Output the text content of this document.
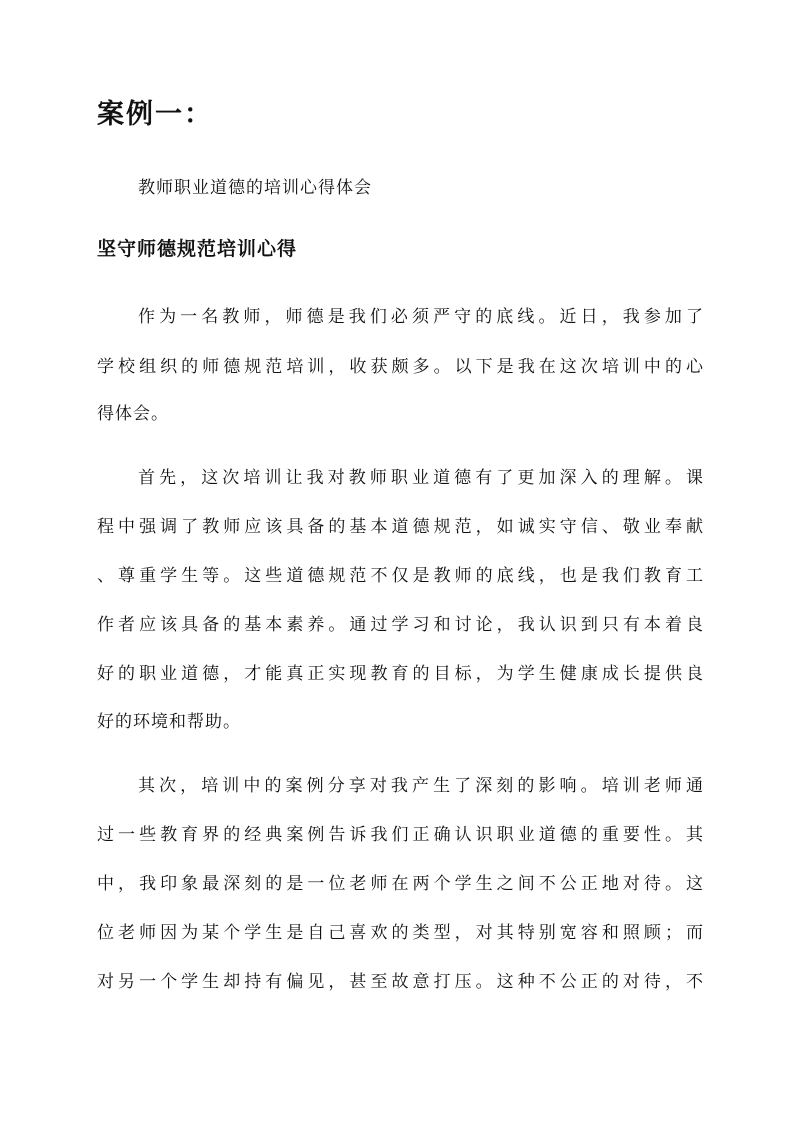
案例一：
教师职业道德的培训心得体会
坚守师德规范培训心得
作为一名教师，师德是我们必须严守的底线。近日，我参加了
学校组织的师德规范培训，收获颇多。以下是我在这次培训中的心
得体会。
首先，这次培训让我对教师职业道德有了更加深入的理解。课
程中强调了教师应该具备的基本道德规范，如诚实守信、敬业奉献
、尊重学生等。这些道德规范不仅是教师的底线，也是我们教育工
作者应该具备的基本素养。通过学习和讨论，我认识到只有本着良
好的职业道德，才能真正实现教育的目标，为学生健康成长提供良
好的环境和帮助。
其次，培训中的案例分享对我产生了深刻的影响。培训老师通
过一些教育界的经典案例告诉我们正确认识职业道德的重要性。其
中，我印象最深刻的是一位老师在两个学生之间不公正地对待。这
位老师因为某个学生是自己喜欢的类型，对其特别宽容和照顾；而
对另一个学生却持有偏见，甚至故意打压。这种不公正的对待，不
